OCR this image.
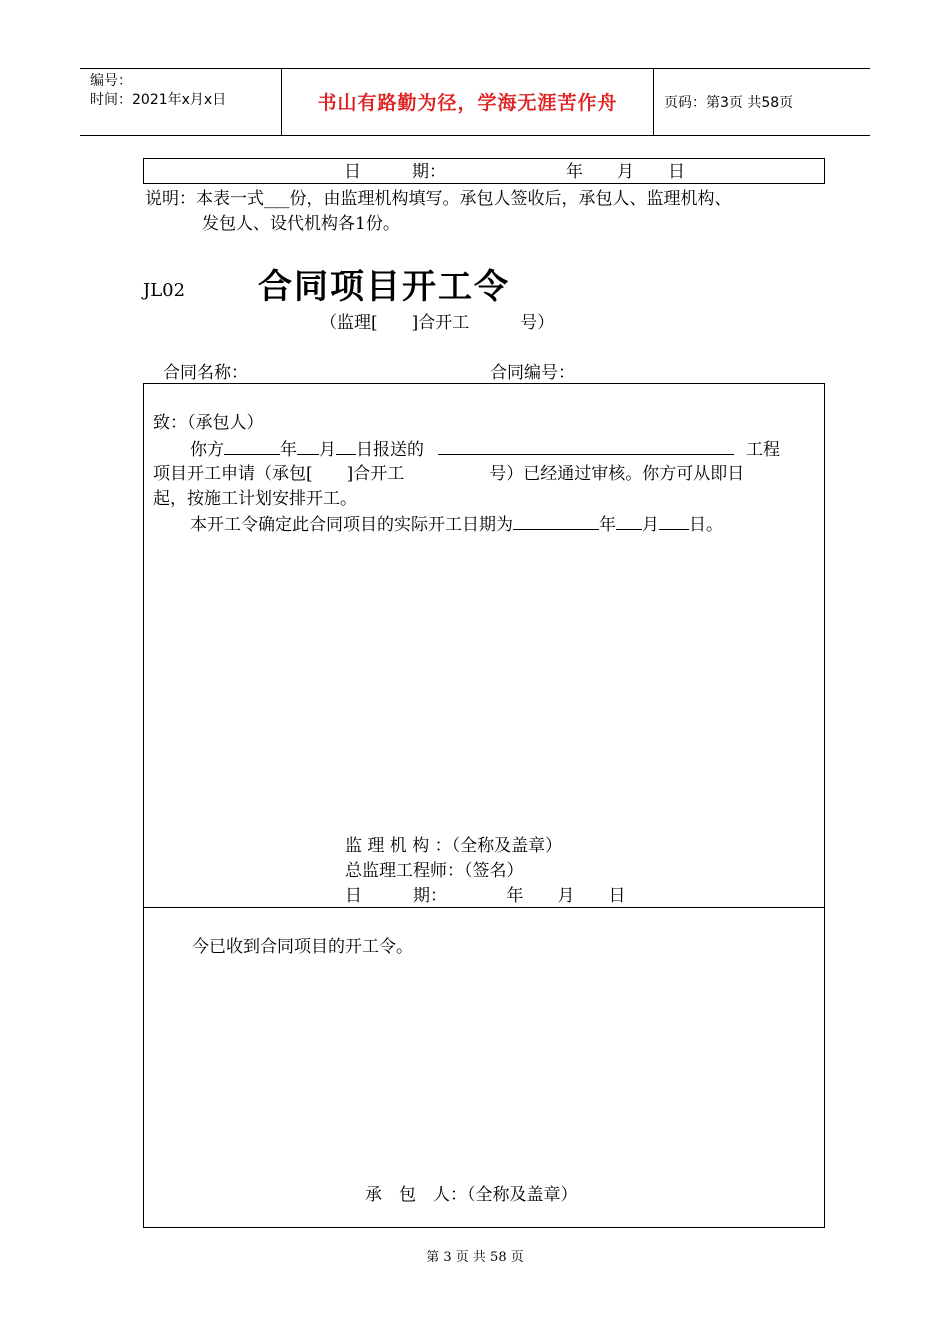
编号：
时间：2021年x月x日	书山有路勤为径，学海无涯苦作舟	页码：第3页 共58页
日　　　期：	年　　月　　日
说明：本表一式___份，由监理机构填写。承包人签收后，承包人、监理机构、
发包人、设代机构各1份。
JL02 合同项目开工令
（监理[　　]合开工　　　号）
合同名称：	合同编号：
致：（承包人）
你方	年 月 日报送的	工程
项目开工申请（承包[　　]合开工　　　　　号）已经通过审核。你方可从即日
起，按施工计划安排开工。
本开工令确定此合同项目的实际开工日期为	年 月 日。
监 理 机 构 ：（全称及盖章）
总监理工程师：（签名）
日　　　期：　　　　年　　月　　日
今已收到合同项目的开工令。
承　包　人：（全称及盖章）
第 3 页 共 58 页
